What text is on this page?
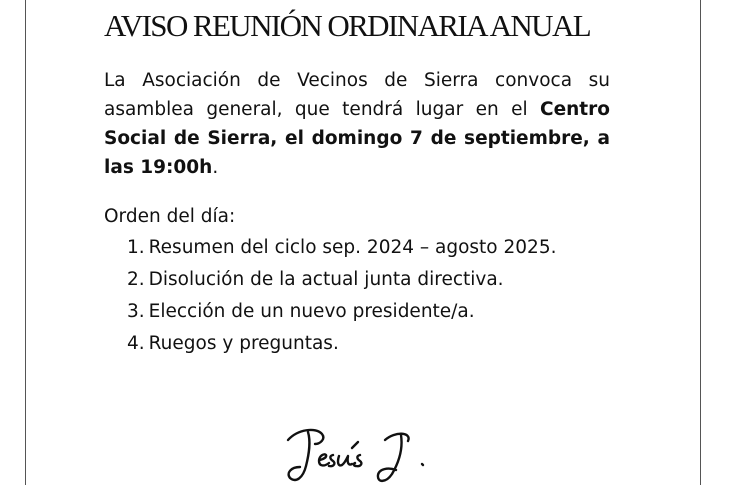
AVISO REUNIÓN ORDINARIA ANUAL

La Asociación de Vecinos de Sierra convoca su asamblea general, que tendrá lugar en el Centro Social de Sierra, el domingo 7 de septiembre, a las 19:00h.

Orden del día:

1. Resumen del ciclo sep. 2024 – agosto 2025.
2. Disolución de la actual junta directiva.
3. Elección de un nuevo presidente/a.
4. Ruegos y preguntas.
